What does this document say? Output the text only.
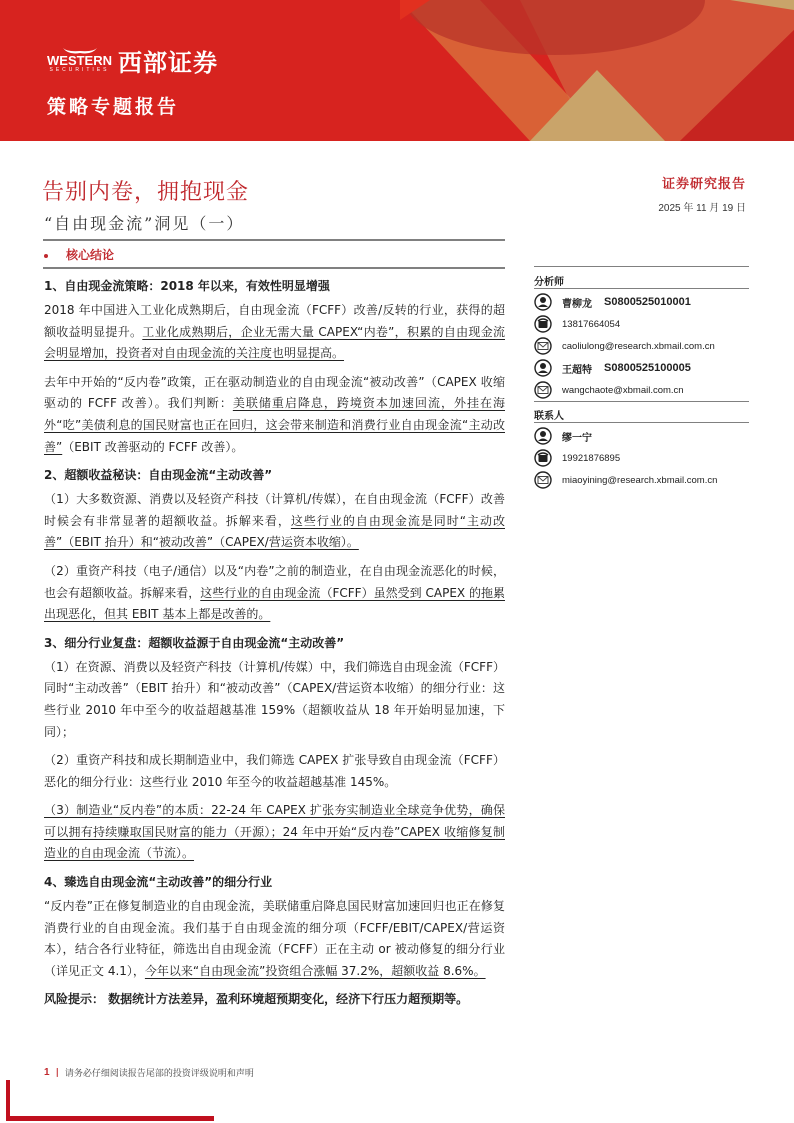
WESTERN
SECURITIES 西部证券
策略专题报告
告别内卷，拥抱现金
“自由现金流”洞见（一）
核心结论
证券研究报告
2025 年 11 月 19 日
1、自由现金流策略：2018 年以来，有效性明显增强

2018 年中国进入工业化成熟期后，自由现金流（FCFF）改善/反转的行业，获得的超额收益明显提升。工业化成熟期后，企业无需大量 CAPEX“内卷”，积累的自由现金流会明显增加，投资者对自由现金流的关注度也明显提高。

去年中开始的“反内卷”政策，正在驱动制造业的自由现金流“被动改善”（CAPEX 收缩驱动的 FCFF 改善）。我们判断：美联储重启降息，跨境资本加速回流，外挂在海外“吃”美债利息的国民财富也正在回归，这会带来制造和消费行业自由现金流“主动改善”（EBIT 改善驱动的 FCFF 改善）。

2、超额收益秘诀：自由现金流“主动改善”

（1）大多数资源、消费以及轻资产科技（计算机/传媒），在自由现金流（FCFF）改善时候会有非常显著的超额收益。拆解来看，这些行业的自由现金流是同时“主动改善”（EBIT 抬升）和“被动改善”（CAPEX/营运资本收缩）。

（2）重资产科技（电子/通信）以及“内卷”之前的制造业，在自由现金流恶化的时候，也会有超额收益。拆解来看，这些行业的自由现金流（FCFF）虽然受到 CAPEX 的拖累出现恶化，但其 EBIT 基本上都是改善的。

3、细分行业复盘：超额收益源于自由现金流“主动改善”

（1）在资源、消费以及轻资产科技（计算机/传媒）中，我们筛选自由现金流（FCFF）同时“主动改善”（EBIT 抬升）和“被动改善”（CAPEX/营运资本收缩）的细分行业：这些行业 2010 年中至今的收益超越基准 159%（超额收益从 18 年开始明显加速，下同）；

（2）重资产科技和成长期制造业中，我们筛选 CAPEX 扩张导致自由现金流（FCFF）恶化的细分行业：这些行业 2010 年至今的收益超越基准 145%。

（3）制造业“反内卷”的本质：22-24 年 CAPEX 扩张夯实制造业全球竞争优势，确保可以拥有持续赚取国民财富的能力（开源）；24 年中开始“反内卷”CAPEX 收缩修复制造业的自由现金流（节流）。

4、臻选自由现金流“主动改善”的细分行业

“反内卷”正在修复制造业的自由现金流，美联储重启降息国民财富加速回归也正在修复消费行业的自由现金流。我们基于自由现金流的细分项（FCFF/EBIT/CAPEX/营运资本），结合各行业特征，筛选出自由现金流（FCFF）正在主动 or 被动修复的细分行业（详见正文 4.1），今年以来“自由现金流”投资组合涨幅 37.2%，超额收益 8.6%。

风险提示： 数据统计方法差异，盈利环境超预期变化，经济下行压力超预期等。

分析师
曹柳龙 S0800525010001
13817664054
caoliulong@research.xbmail.com.cn
王超特 S0800525100005
wangchaote@xbmail.com.cn
联系人
缪一宁
19921876895
miaoyining@research.xbmail.com.cn
1 | 请务必仔细阅读报告尾部的投资评级说明和声明
